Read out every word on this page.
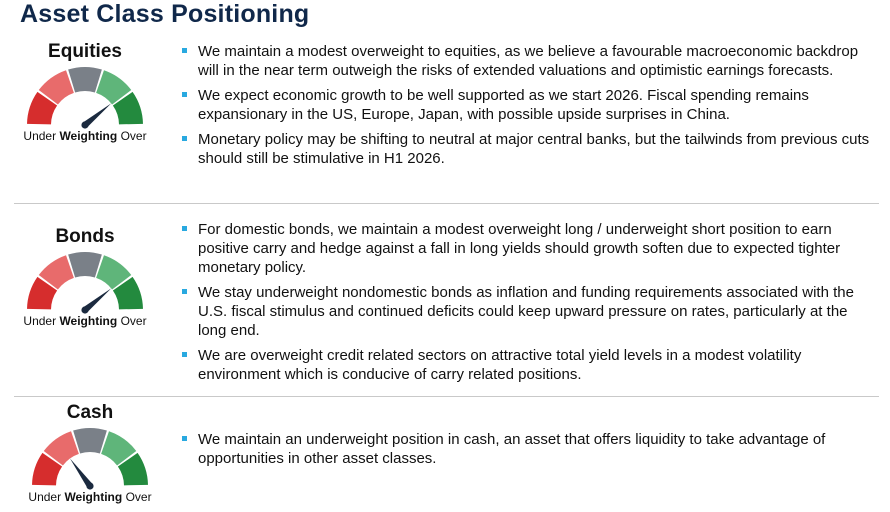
Asset Class Positioning
Equities
Under Weighting Over
We maintain a modest overweight to equities, as we believe a favourable macroeconomic backdrop will in the near term outweigh the risks of extended valuations and optimistic earnings forecasts.
We expect economic growth to be well supported as we start 2026. Fiscal spending remains expansionary in the US, Europe, Japan, with possible upside surprises in China.
Monetary policy may be shifting to neutral at major central banks, but the tailwinds from previous cuts should still be stimulative in H1 2026.
Bonds
Under Weighting Over
For domestic bonds, we maintain a modest overweight long / underweight short position to earn positive carry and hedge against a fall in long yields should growth soften due to expected tighter monetary policy.
We stay underweight nondomestic bonds as inflation and funding requirements associated with the U.S. fiscal stimulus and continued deficits could keep upward pressure on rates, particularly at the long end.
We are overweight credit related sectors on attractive total yield levels in a modest volatility environment which is conducive of carry related positions.
Cash
Under Weighting Over
We maintain an underweight position in cash, an asset that offers liquidity to take advantage of opportunities in other asset classes.
